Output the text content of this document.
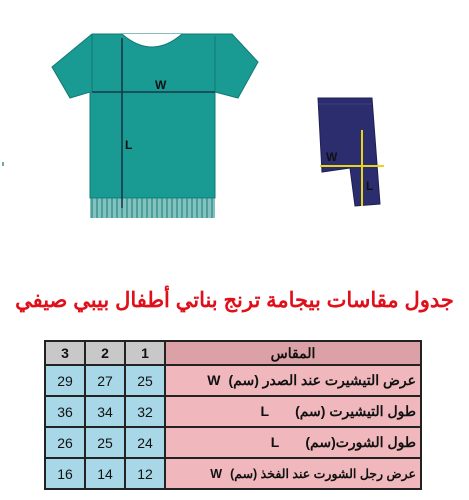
W
L
W
L
جدول مقاسات بيجامة ترنج بناتي أطفال بيبي صيفي
3	2	1	المقاس
29	27	25	عرض التيشيرت عند الصدر (سم)W
36	34	32	طول التيشيرت (سم)L
26	25	24	طول الشورت(سم)L
16	14	12	عرض رجل الشورت عند الفخذ (سم)W
